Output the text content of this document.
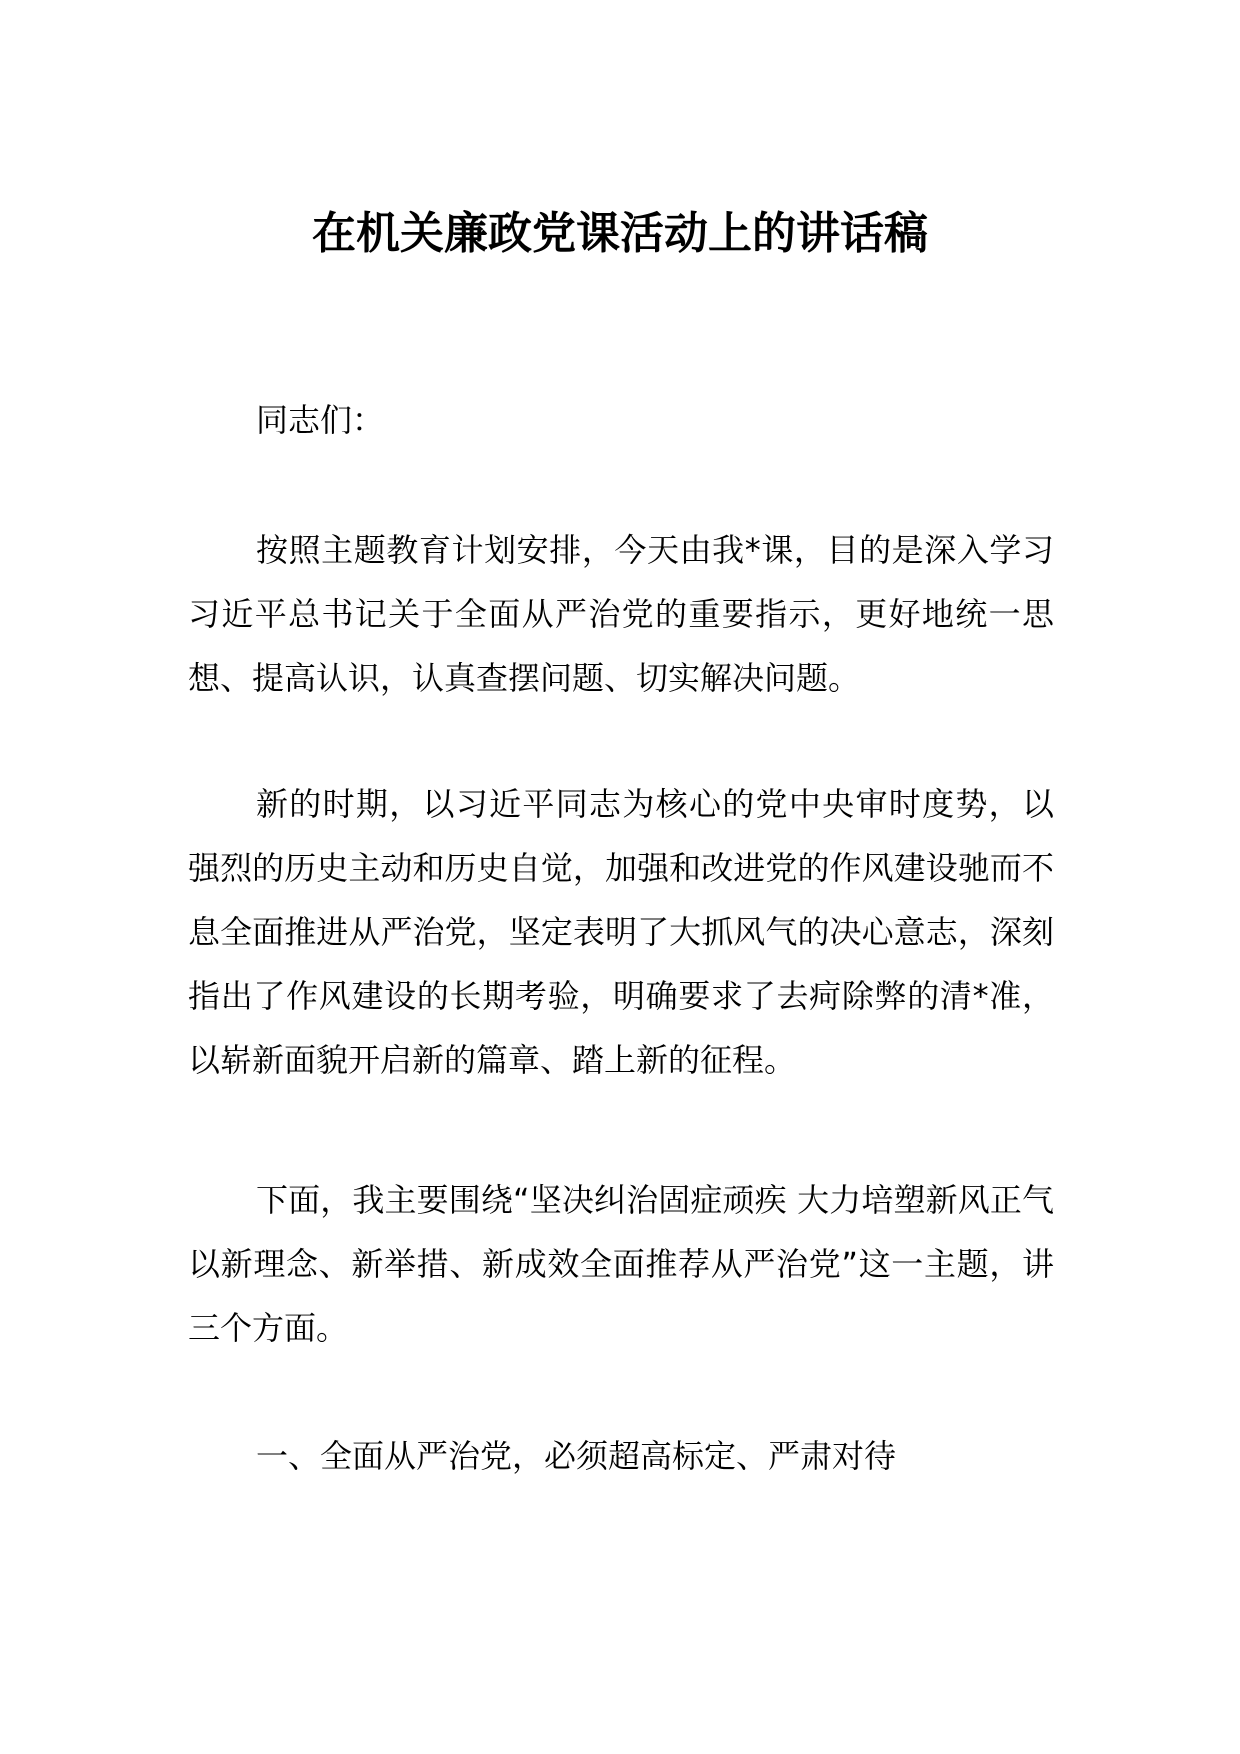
在机关廉政党课活动上的讲话稿

同志们：

按照主题教育计划安排，今天由我*课，目的是深入学习习近平总书记关于全面从严治党的重要指示，更好地统一思想、提高认识，认真查摆问题、切实解决问题。

新的时期，以习近平同志为核心的党中央审时度势，以强烈的历史主动和历史自觉，加强和改进党的作风建设驰而不息全面推进从严治党，坚定表明了大抓风气的决心意志，深刻指出了作风建设的长期考验，明确要求了去疴除弊的清*准，以崭新面貌开启新的篇章、踏上新的征程。

下面，我主要围绕“坚决纠治固症顽疾 大力培塑新风正气 以新理念、新举措、新成效全面推荐从严治党”这一主题，讲三个方面。

一、全面从严治党，必须超高标定、严肃对待
